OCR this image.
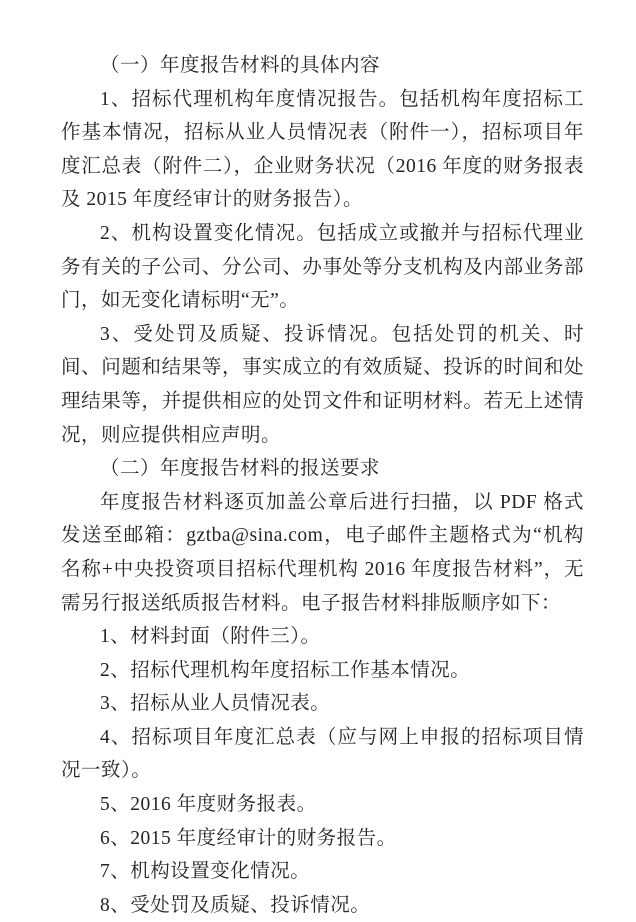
（一）年度报告材料的具体内容

1、招标代理机构年度情况报告。包括机构年度招标工作基本情况，招标从业人员情况表（附件一），招标项目年度汇总表（附件二），企业财务状况（2016 年度的财务报表及 2015 年度经审计的财务报告）。

2、机构设置变化情况。包括成立或撤并与招标代理业务有关的子公司、分公司、办事处等分支机构及内部业务部门，如无变化请标明“无”。

3、受处罚及质疑、投诉情况。包括处罚的机关、时间、问题和结果等，事实成立的有效质疑、投诉的时间和处理结果等，并提供相应的处罚文件和证明材料。若无上述情况，则应提供相应声明。

（二）年度报告材料的报送要求

年度报告材料逐页加盖公章后进行扫描，以 PDF 格式发送至邮箱：gztba@sina.com，电子邮件主题格式为“机构名称+中央投资项目招标代理机构 2016 年度报告材料”，无需另行报送纸质报告材料。电子报告材料排版顺序如下：

1、材料封面（附件三）。

2、招标代理机构年度招标工作基本情况。

3、招标从业人员情况表。

4、招标项目年度汇总表（应与网上申报的招标项目情况一致）。

5、2016 年度财务报表。

6、2015 年度经审计的财务报告。

7、机构设置变化情况。

8、受处罚及质疑、投诉情况。
